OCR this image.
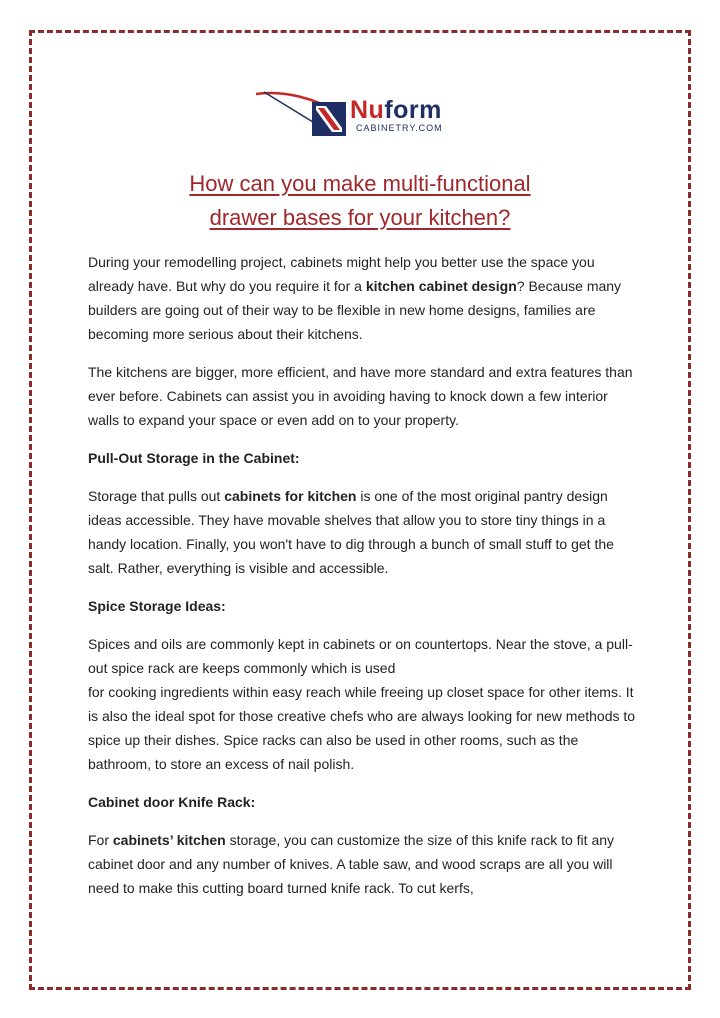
Nuform
CABINETRY.COM
How can you make multi-functional
drawer bases for your kitchen?

During your remodelling project, cabinets might help you better use the space you already have. But why do you require it for a kitchen cabinet design? Because many builders are going out of their way to be flexible in new home designs, families are becoming more serious about their kitchens.

The kitchens are bigger, more efficient, and have more standard and extra features than ever before. Cabinets can assist you in avoiding having to knock down a few interior walls to expand your space or even add on to your property.

Pull-Out Storage in the Cabinet:

Storage that pulls out cabinets for kitchen is one of the most original pantry design ideas accessible. They have movable shelves that allow you to store tiny things in a handy location. Finally, you won't have to dig through a bunch of small stuff to get the salt. Rather, everything is visible and accessible.

Spice Storage Ideas:

Spices and oils are commonly kept in cabinets or on countertops. Near the stove, a pull-out spice rack are keeps commonly which is used
for cooking ingredients within easy reach while freeing up closet space for other items. It is also the ideal spot for those creative chefs who are always looking for new methods to spice up their dishes. Spice racks can also be used in other rooms, such as the bathroom, to store an excess of nail polish.

Cabinet door Knife Rack:

For cabinets’ kitchen storage, you can customize the size of this knife rack to fit any cabinet door and any number of knives. A table saw, and wood scraps are all you will need to make this cutting board turned knife rack. To cut kerfs,
